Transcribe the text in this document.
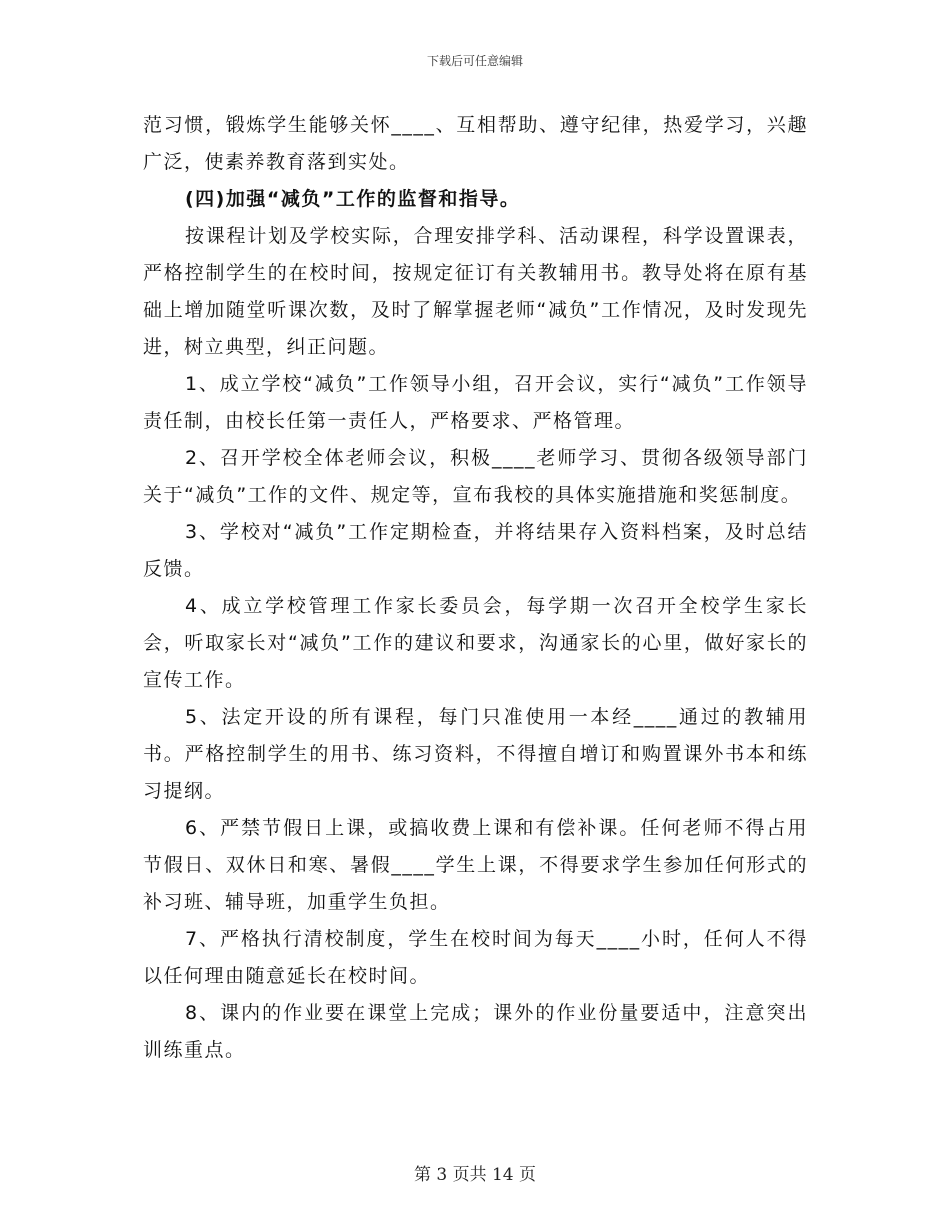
下载后可任意编辑

范习惯，锻炼学生能够关怀____、互相帮助、遵守纪律，热爱学习，兴趣广泛，使素养教育落到实处。

(四)加强“减负”工作的监督和指导。

按课程计划及学校实际，合理安排学科、活动课程，科学设置课表，严格控制学生的在校时间，按规定征订有关教辅用书。教导处将在原有基础上增加随堂听课次数，及时了解掌握老师“减负”工作情况，及时发现先进，树立典型，纠正问题。

1、成立学校“减负”工作领导小组，召开会议，实行“减负”工作领导责任制，由校长任第一责任人，严格要求、严格管理。

2、召开学校全体老师会议，积极____老师学习、贯彻各级领导部门关于“减负”工作的文件、规定等，宣布我校的具体实施措施和奖惩制度。

3、学校对“减负”工作定期检查，并将结果存入资料档案，及时总结反馈。

4、成立学校管理工作家长委员会，每学期一次召开全校学生家长会，听取家长对“减负”工作的建议和要求，沟通家长的心里，做好家长的宣传工作。

5、法定开设的所有课程，每门只准使用一本经____通过的教辅用书。严格控制学生的用书、练习资料，不得擅自增订和购置课外书本和练习提纲。

6、严禁节假日上课，或搞收费上课和有偿补课。任何老师不得占用节假日、双休日和寒、暑假____学生上课，不得要求学生参加任何形式的补习班、辅导班，加重学生负担。

7、严格执行清校制度，学生在校时间为每天____小时，任何人不得以任何理由随意延长在校时间。

8、课内的作业要在课堂上完成；课外的作业份量要适中，注意突出训练重点。

第 3 页共 14 页
